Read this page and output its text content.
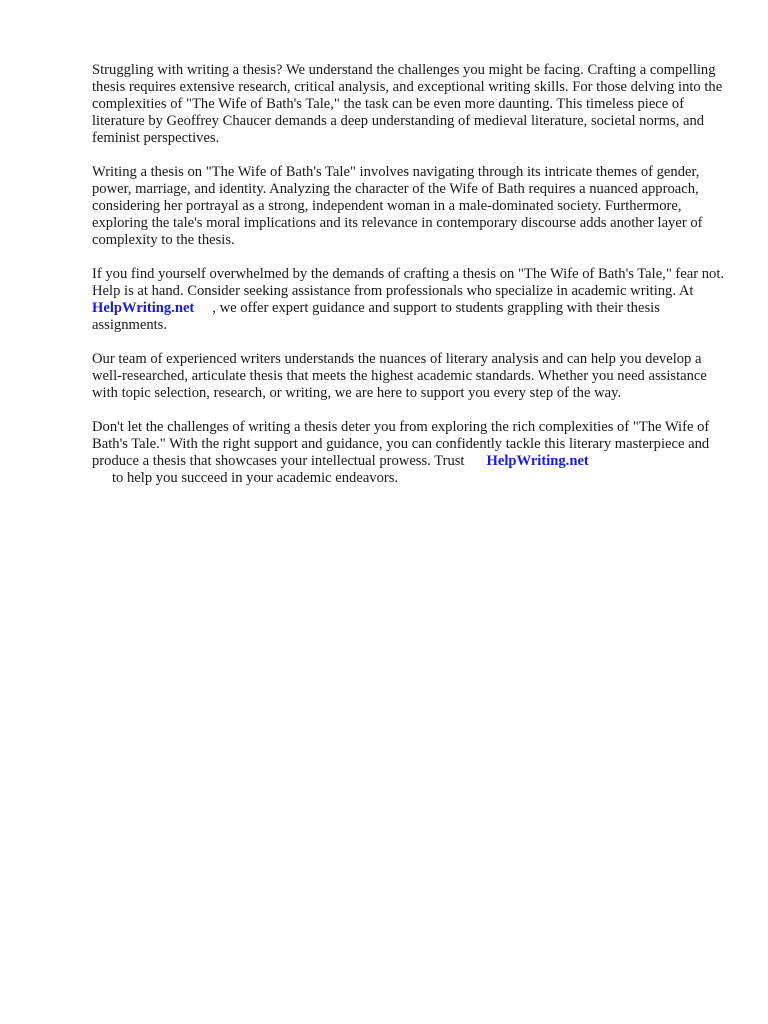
Struggling with writing a thesis? We understand the challenges you might be facing. Crafting a compelling thesis requires extensive research, critical analysis, and exceptional writing skills. For those delving into the complexities of "The Wife of Bath's Tale," the task can be even more daunting. This timeless piece of literature by Geoffrey Chaucer demands a deep understanding of medieval literature, societal norms, and feminist perspectives.

Writing a thesis on "The Wife of Bath's Tale" involves navigating through its intricate themes of gender, power, marriage, and identity. Analyzing the character of the Wife of Bath requires a nuanced approach, considering her portrayal as a strong, independent woman in a male-dominated society. Furthermore, exploring the tale's moral implications and its relevance in contemporary discourse adds another layer of complexity to the thesis.

If you find yourself overwhelmed by the demands of crafting a thesis on "The Wife of Bath's Tale," fear not. Help is at hand. Consider seeking assistance from professionals who specialize in academic writing. AtHelpWriting.net , we offer expert guidance and support to students grappling with their thesis assignments.

Our team of experienced writers understands the nuances of literary analysis and can help you develop a well-researched, articulate thesis that meets the highest academic standards. Whether you need assistance with topic selection, research, or writing, we are here to support you every step of the way.

Don't let the challenges of writing a thesis deter you from exploring the rich complexities of "The Wife of Bath's Tale." With the right support and guidance, you can confidently tackle this literary masterpiece and produce a thesis that showcases your intellectual prowess. Trust HelpWriting.net
to help you succeed in your academic endeavors.
